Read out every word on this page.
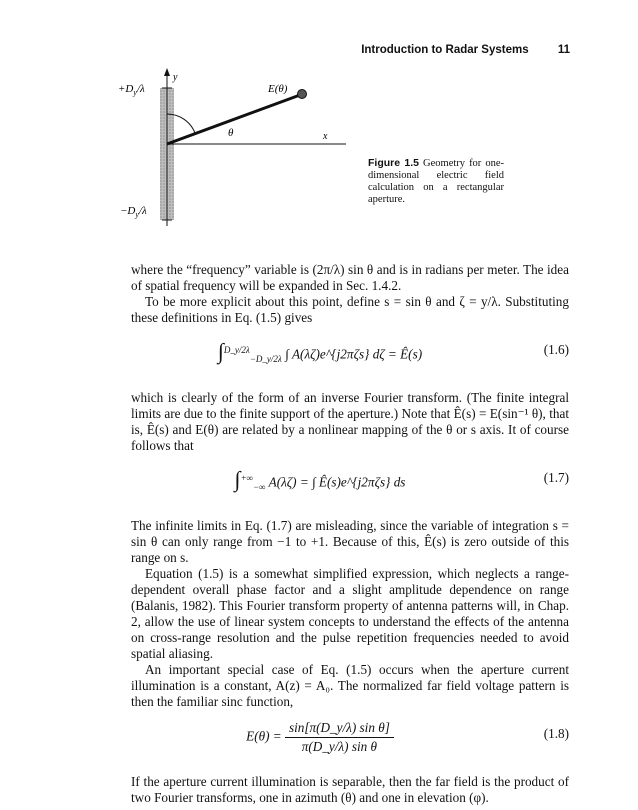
Introduction to Radar Systems	11
$+D_y/\lambda$
$-D_y/\lambda$
y
x
E(θ)
θ
Figure 1.5 Geometry for one-dimensional electric field calculation on a rectangular aperture.

where the “frequency” variable is (2π/λ) sin θ and is in radians per meter. The idea of spatial frequency will be expanded in Sec. 1.4.2.

To be more explicit about this point, define s = sin θ and ζ = y/λ. Substituting these definitions in Eq. (1.5) gives

∫$^{D\_y/2\lambda}_{-D\_y/2\lambda}$ ∫ A(λζ)e^{j2πζs} dζ = Ê(s)	(1.6)

which is clearly of the form of an inverse Fourier transform. (The finite integral limits are due to the finite support of the aperture.) Note that Ê(s) = E(sin⁻¹ θ), that is, Ê(s) and E(θ) are related by a nonlinear mapping of the θ or s axis. It of course follows that

$\int^{+\infty}_{-\infty}$ A(λζ) = ∫ Ê(s)e^{j2πζs} ds	(1.7)

The infinite limits in Eq. (1.7) are misleading, since the variable of integration s = sin θ can only range from −1 to +1. Because of this, Ê(s) is zero outside of this range on s.

Equation (1.5) is a somewhat simplified expression, which neglects a range-dependent overall phase factor and a slight amplitude dependence on range (Balanis, 1982). This Fourier transform property of antenna patterns will, in Chap. 2, allow the use of linear system concepts to understand the effects of the antenna on cross-range resolution and the pulse repetition frequencies needed to avoid spatial aliasing.

An important special case of Eq. (1.5) occurs when the aperture current illumination is a constant, A(z) = A₀. The normalized far field voltage pattern is then the familiar sinc function,

$E(\theta) = \frac{\text{sin[π(D\_y/λ) sin θ]}}{\text{π(D\_y/λ) sin θ}}$	(1.8)

If the aperture current illumination is separable, then the far field is the product of two Fourier transforms, one in azimuth (θ) and one in elevation (φ).
